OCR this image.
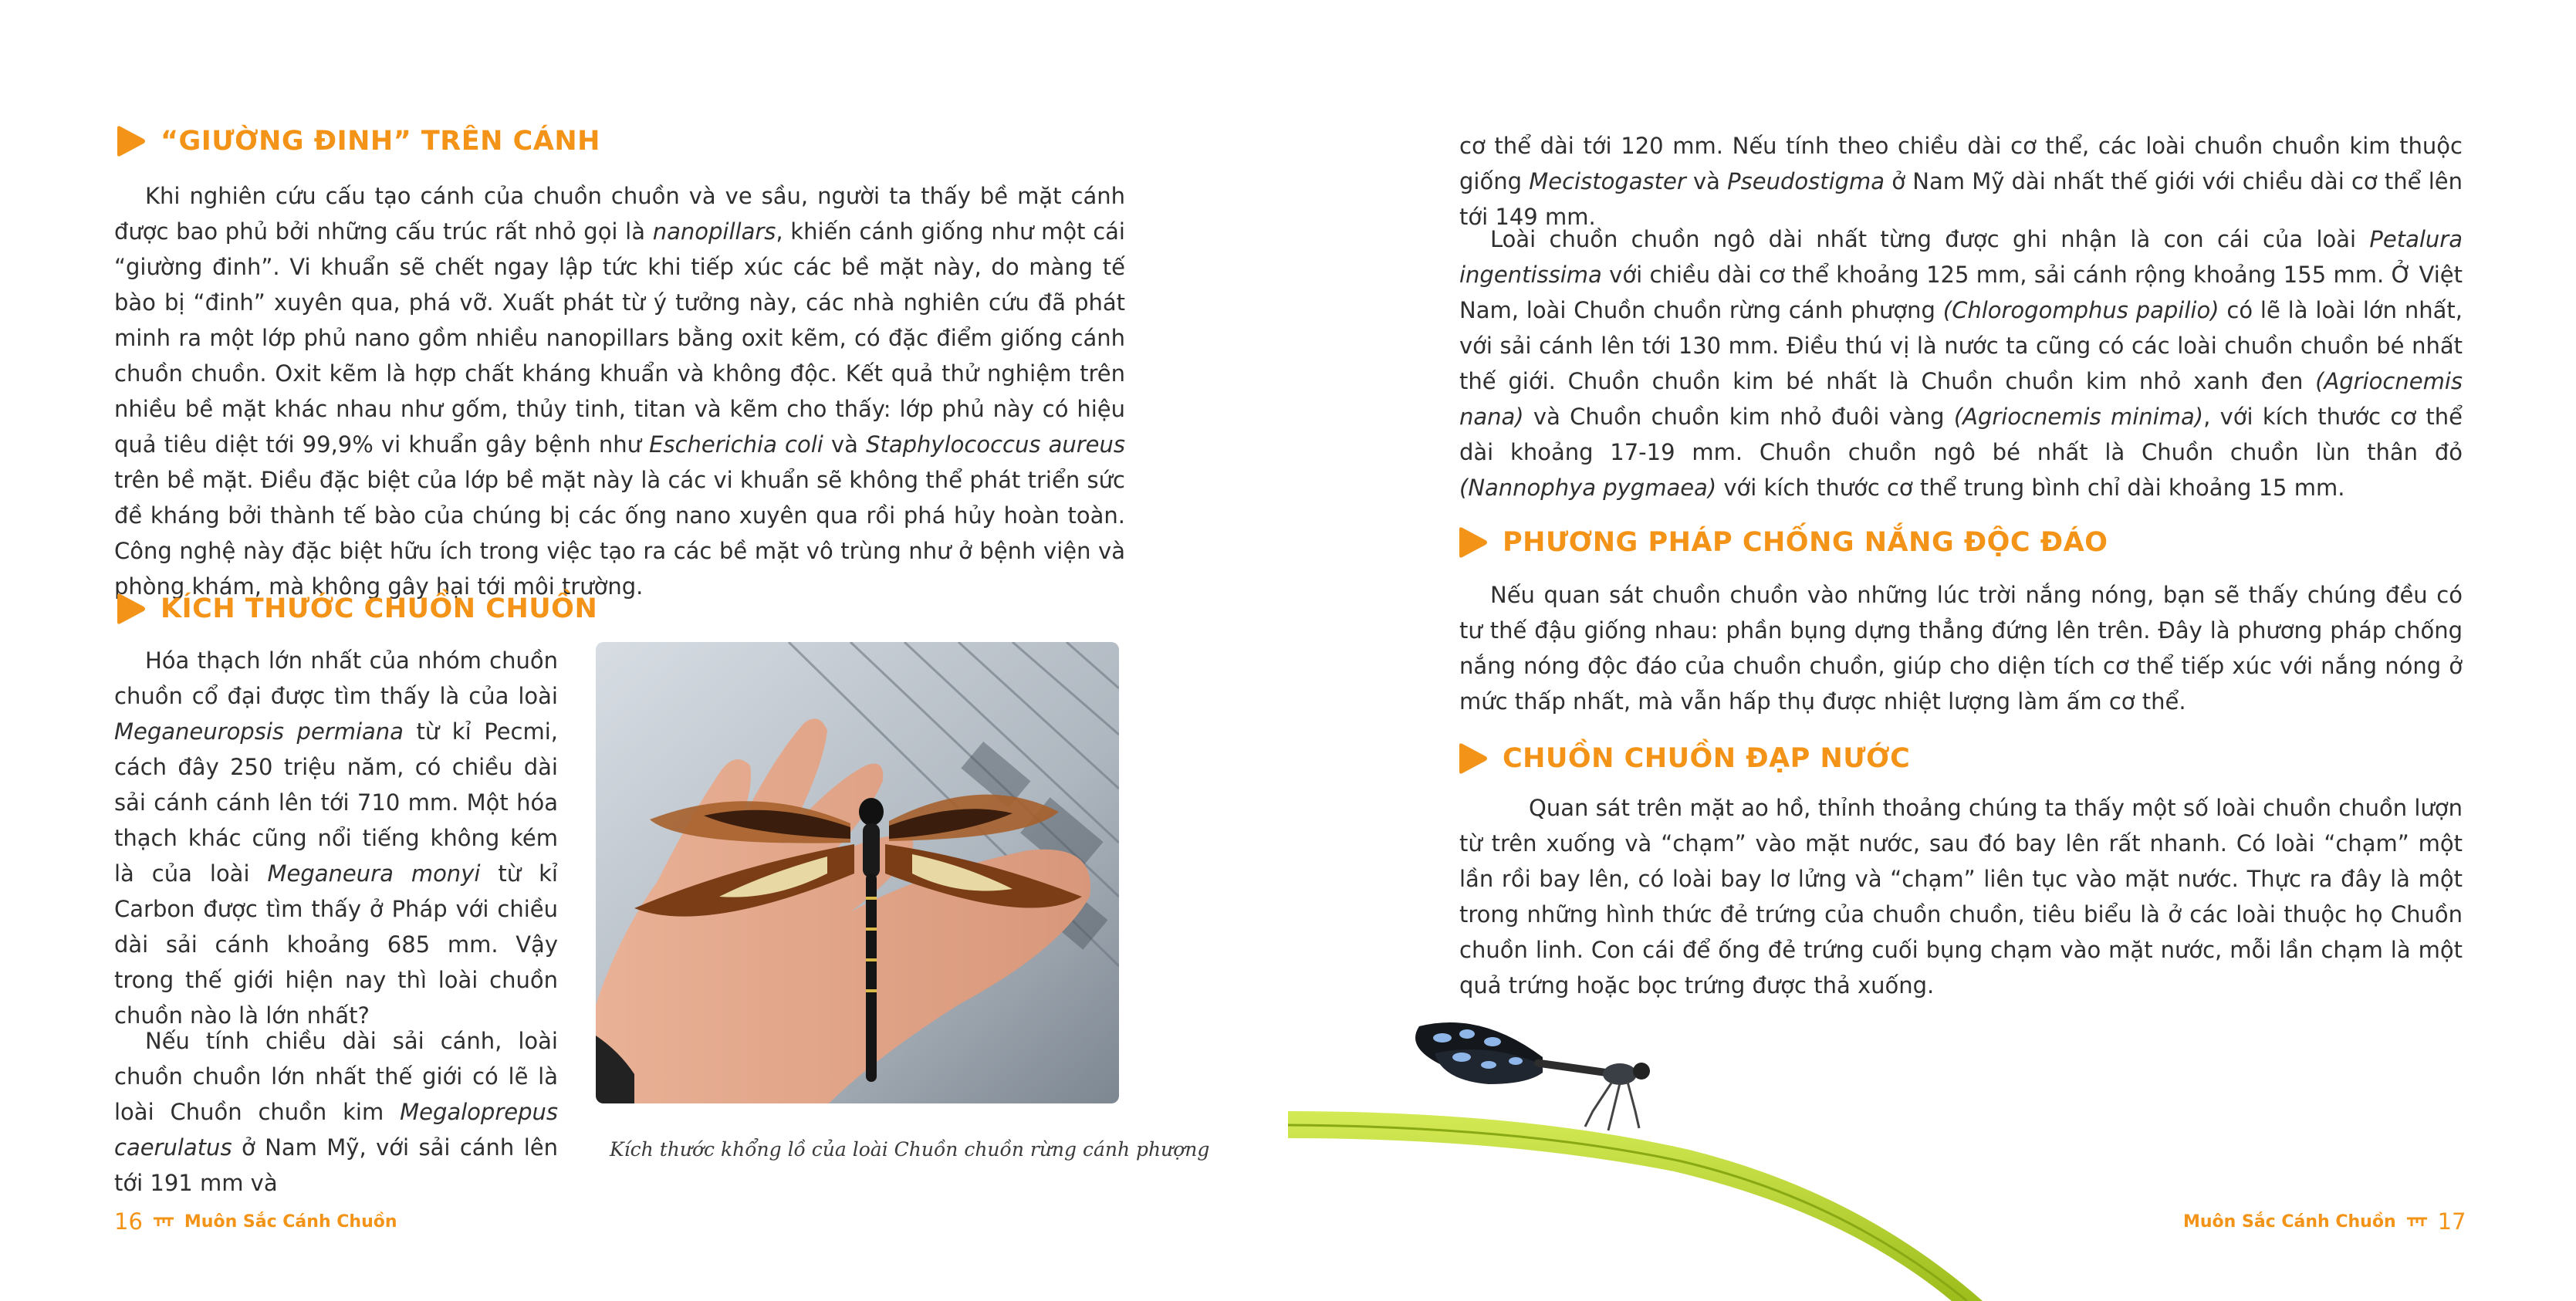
“GIƯỜNG ĐINH” TRÊN CÁNH

Khi nghiên cứu cấu tạo cánh của chuồn chuồn và ve sầu, người ta thấy bề mặt cánh được bao phủ bởi những cấu trúc rất nhỏ gọi là nanopillars, khiến cánh giống như một cái “giường đinh”. Vi khuẩn sẽ chết ngay lập tức khi tiếp xúc các bề mặt này, do màng tế bào bị “đinh” xuyên qua, phá vỡ. Xuất phát từ ý tưởng này, các nhà nghiên cứu đã phát minh ra một lớp phủ nano gồm nhiều nanopillars bằng oxit kẽm, có đặc điểm giống cánh chuồn chuồn. Oxit kẽm là hợp chất kháng khuẩn và không độc. Kết quả thử nghiệm trên nhiều bề mặt khác nhau như gốm, thủy tinh, titan và kẽm cho thấy: lớp phủ này có hiệu quả tiêu diệt tới 99,9% vi khuẩn gây bệnh như Escherichia coli và Staphylococcus aureus trên bề mặt. Điều đặc biệt của lớp bề mặt này là các vi khuẩn sẽ không thể phát triển sức đề kháng bởi thành tế bào của chúng bị các ống nano xuyên qua rồi phá hủy hoàn toàn. Công nghệ này đặc biệt hữu ích trong việc tạo ra các bề mặt vô trùng như ở bệnh viện và phòng khám, mà không gây hại tới môi trường.

KÍCH THƯỚC CHUỒN CHUỒN

Hóa thạch lớn nhất của nhóm chuồn chuồn cổ đại được tìm thấy là của loài Meganeuropsis permiana từ kỉ Pecmi, cách đây 250 triệu năm, có chiều dài sải cánh cánh lên tới 710 mm. Một hóa thạch khác cũng nổi tiếng không kém là của loài Meganeura monyi từ kỉ Carbon được tìm thấy ở Pháp với chiều dài sải cánh khoảng 685 mm. Vậy trong thế giới hiện nay thì loài chuồn chuồn nào là lớn nhất?

Nếu tính chiều dài sải cánh, loài chuồn chuồn lớn nhất thế giới có lẽ là loài Chuồn chuồn kim Megaloprepus caerulatus ở Nam Mỹ, với sải cánh lên tới 191 mm và

Kích thước khổng lồ của loài Chuồn chuồn rừng cánh phượng

16 Muôn Sắc Cánh Chuồn

cơ thể dài tới 120 mm. Nếu tính theo chiều dài cơ thể, các loài chuồn chuồn kim thuộc giống Mecistogaster và Pseudostigma ở Nam Mỹ dài nhất thế giới với chiều dài cơ thể lên tới 149 mm.

Loài chuồn chuồn ngô dài nhất từng được ghi nhận là con cái của loài Petalura ingentissima với chiều dài cơ thể khoảng 125 mm, sải cánh rộng khoảng 155 mm. Ở Việt Nam, loài Chuồn chuồn rừng cánh phượng (Chlorogomphus papilio) có lẽ là loài lớn nhất, với sải cánh lên tới 130 mm. Điều thú vị là nước ta cũng có các loài chuồn chuồn bé nhất thế giới. Chuồn chuồn kim bé nhất là Chuồn chuồn kim nhỏ xanh đen (Agriocnemis nana) và Chuồn chuồn kim nhỏ đuôi vàng (Agriocnemis minima), với kích thước cơ thể dài khoảng 17-19 mm. Chuồn chuồn ngô bé nhất là Chuồn chuồn lùn thân đỏ (Nannophya pygmaea) với kích thước cơ thể trung bình chỉ dài khoảng 15 mm.

PHƯƠNG PHÁP CHỐNG NẮNG ĐỘC ĐÁO

Nếu quan sát chuồn chuồn vào những lúc trời nắng nóng, bạn sẽ thấy chúng đều có tư thế đậu giống nhau: phần bụng dựng thẳng đứng lên trên. Đây là phương pháp chống nắng nóng độc đáo của chuồn chuồn, giúp cho diện tích cơ thể tiếp xúc với nắng nóng ở mức thấp nhất, mà vẫn hấp thụ được nhiệt lượng làm ấm cơ thể.

CHUỒN CHUỒN ĐẠP NƯỚC

Quan sát trên mặt ao hồ, thỉnh thoảng chúng ta thấy một số loài chuồn chuồn lượn từ trên xuống và “chạm” vào mặt nước, sau đó bay lên rất nhanh. Có loài “chạm” một lần rồi bay lên, có loài bay lơ lửng và “chạm” liên tục vào mặt nước. Thực ra đây là một trong những hình thức đẻ trứng của chuồn chuồn, tiêu biểu là ở các loài thuộc họ Chuồn chuồn linh. Con cái để ống đẻ trứng cuối bụng chạm vào mặt nước, mỗi lần chạm là một quả trứng hoặc bọc trứng được thả xuống.

Muôn Sắc Cánh Chuồn 17
